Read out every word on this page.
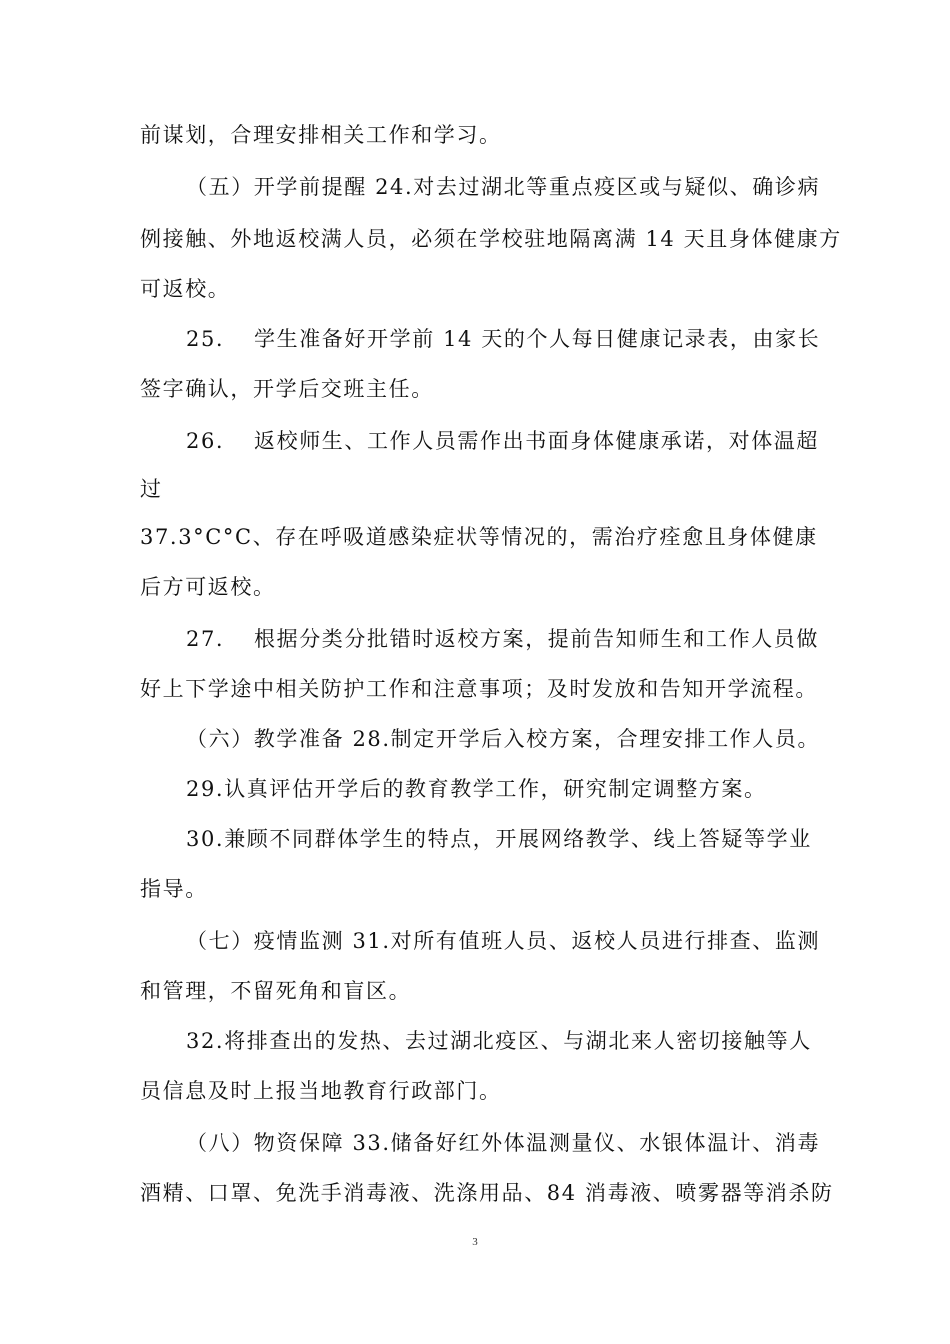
前谋划，合理安排相关工作和学习。
（五）开学前提醒 24.对去过湖北等重点疫区或与疑似、确诊病
例接触、外地返校满人员，必须在学校驻地隔离满 14 天且身体健康方
可返校。
25. 学生准备好开学前 14 天的个人每日健康记录表，由家长
签字确认，开学后交班主任。
26. 返校师生、工作人员需作出书面身体健康承诺，对体温超
过
37.3°C°C、存在呼吸道感染症状等情况的，需治疗痊愈且身体健康
后方可返校。
27. 根据分类分批错时返校方案，提前告知师生和工作人员做
好上下学途中相关防护工作和注意事项；及时发放和告知开学流程。
（六）教学准备 28.制定开学后入校方案，合理安排工作人员。
29.认真评估开学后的教育教学工作，研究制定调整方案。
30.兼顾不同群体学生的特点，开展网络教学、线上答疑等学业
指导。
（七）疫情监测 31.对所有值班人员、返校人员进行排查、监测
和管理，不留死角和盲区。
32.将排查出的发热、去过湖北疫区、与湖北来人密切接触等人
员信息及时上报当地教育行政部门。
（八）物资保障 33.储备好红外体温测量仪、水银体温计、消毒
酒精、口罩、免洗手消毒液、洗涤用品、84 消毒液、喷雾器等消杀防
3
